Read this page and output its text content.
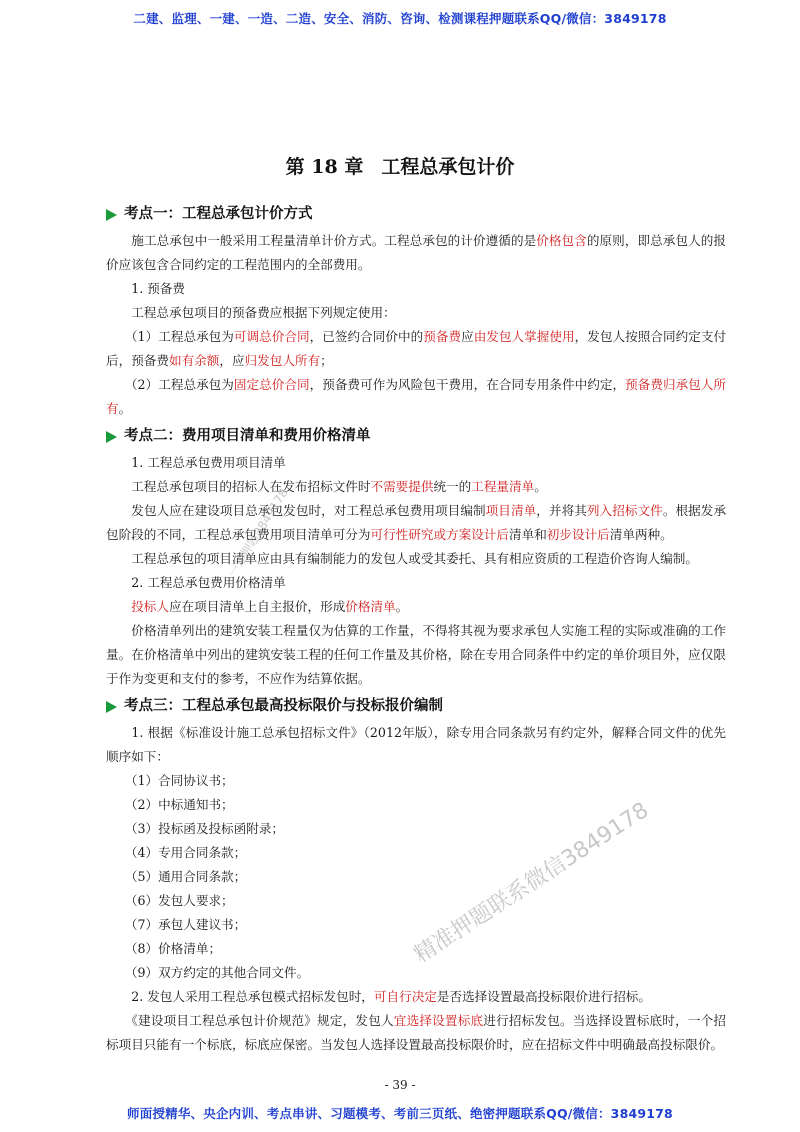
二建、监理、一建、一造、二造、安全、消防、咨询、检测课程押题联系QQ/微信：3849178
第 18 章 工程总承包计价
考点一：工程总承包计价方式

　　施工总承包中一般采用工程量清单计价方式。工程总承包的计价遵循的是价格包含的原则，即总承包人的报价应该包含合同约定的工程范围内的全部费用。

　　1. 预备费

　　工程总承包项目的预备费应根据下列规定使用：

　　（1）工程总承包为可调总价合同，已签约合同价中的预备费应由发包人掌握使用，发包人按照合同约定支付后，预备费如有余额，应归发包人所有；

　　（2）工程总承包为固定总价合同，预备费可作为风险包干费用，在合同专用条件中约定，预备费归承包人所有。

考点二：费用项目清单和费用价格清单

　　1. 工程总承包费用项目清单

　　工程总承包项目的招标人在发布招标文件时不需要提供统一的工程量清单。

　　发包人应在建设项目总承包发包时，对工程总承包费用项目编制项目清单，并将其列入招标文件。根据发承包阶段的不同，工程总承包费用项目清单可分为可行性研究或方案设计后清单和初步设计后清单两种。

　　工程总承包的项目清单应由具有编制能力的发包人或受其委托、具有相应资质的工程造价咨询人编制。

　　2. 工程总承包费用价格清单

　　投标人应在项目清单上自主报价，形成价格清单。

　　价格清单列出的建筑安装工程量仅为估算的工作量，不得将其视为要求承包人实施工程的实际或准确的工作量。在价格清单中列出的建筑安装工程的任何工作量及其价格，除在专用合同条件中约定的单价项目外，应仅限于作为变更和支付的参考，不应作为结算依据。

考点三：工程总承包最高投标限价与投标报价编制

　　1. 根据《标准设计施工总承包招标文件》（2012年版），除专用合同条款另有约定外，解释合同文件的优先顺序如下：

　　（1）合同协议书；

　　（2）中标通知书；

　　（3）投标函及投标函附录；

　　（4）专用合同条款；

　　（5）通用合同条款；

　　（6）发包人要求；

　　（7）承包人建议书；

　　（8）价格清单；

　　（9）双方约定的其他合同文件。

　　2. 发包人采用工程总承包模式招标发包时，可自行决定是否选择设置最高投标限价进行招标。

　　《建设项目工程总承包计价规范》规定，发包人宜选择设置标底进行招标发包。当选择设置标底时，一个招标项目只能有一个标底，标底应保密。当发包人选择设置最高投标限价时，应在招标文件中明确最高投标限价。

- 39 -
一建押题3849178
精准押题联系微信3849178
师面授精华、央企内训、考点串讲、习题模考、考前三页纸、绝密押题联系QQ/微信：3849178
